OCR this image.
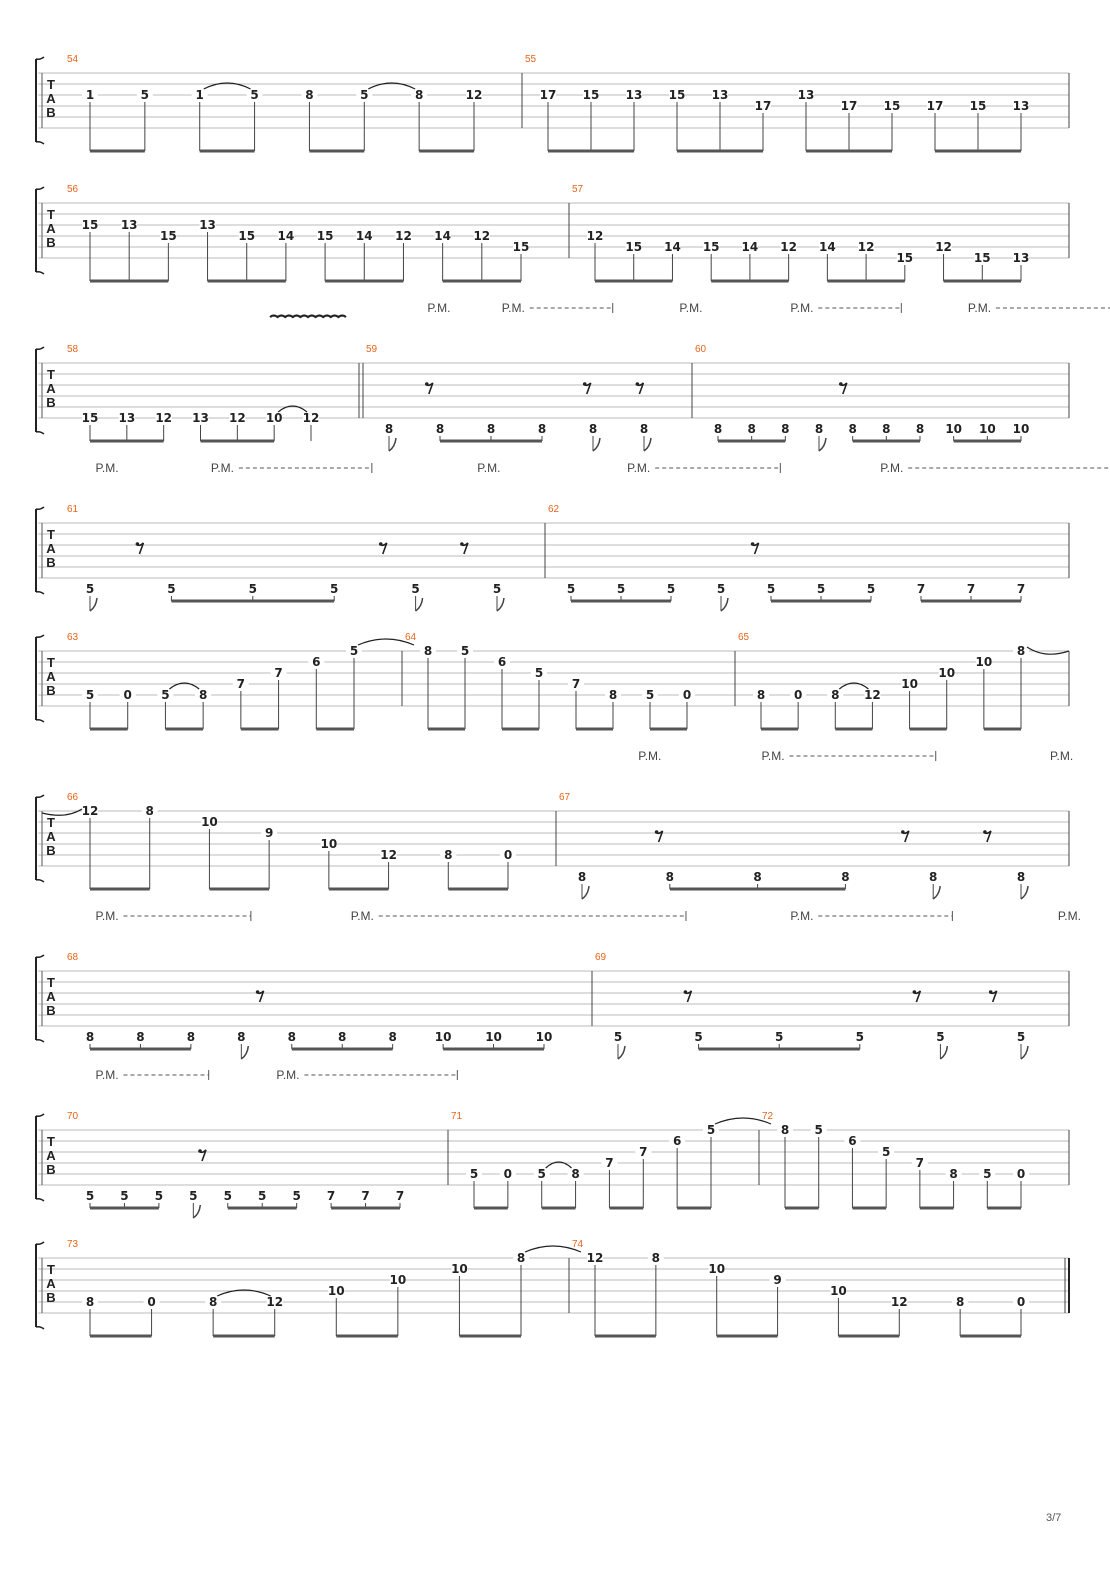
T
A
B
54
1	5	1	5	8	5	8	12
55
17 15 13 15 13
17
13
17 15 17 15 13
T
A
B
56
15 13
15
13
15 14 15 14 12 14 12
15
57
12
15 14 15 14 12 14 12
15
12
15 13
T
A
B
P.M.	P.M.	P.M.	P.M.	P.M.
58
15 13 12 13 12 10 12
59
8	8	8	8	8	8
60
8 8 8 8 8 8 8 10 10 10
T
A
B
P.M.	P.M.	P.M.	P.M.	P.M.
61
5	5	5	5	5	5
62
5	5	5	5	5	5	5	7	7	7
T
A
B
63
5 0 5 8
7
7
6
5
64
8 5
6
5
7
8 5 0
65
8 0 8 12
10
10
10
8
T
A
B
P.M.	P.M.	P.M.
66
12	8
10
9
10
12	8	0
67
8	8	8	8	8	8
T
A
B
P.M.	P.M.	P.M.	P.M.
68
8	8	8	8	8	8	8	10	10	10
69
5	5	5	5	5	5
T
A
B
P.M.	P.M.
70
5 5 5 5 5 5 5 7 7 7
71
5 0 5 8
7
7
6
5
72
8 5
6
5
7
8 5 0
T
A
B
73
8	0	8	12
10
10
10
8
74
12	8
10
9
10
12	8	0
3/7
